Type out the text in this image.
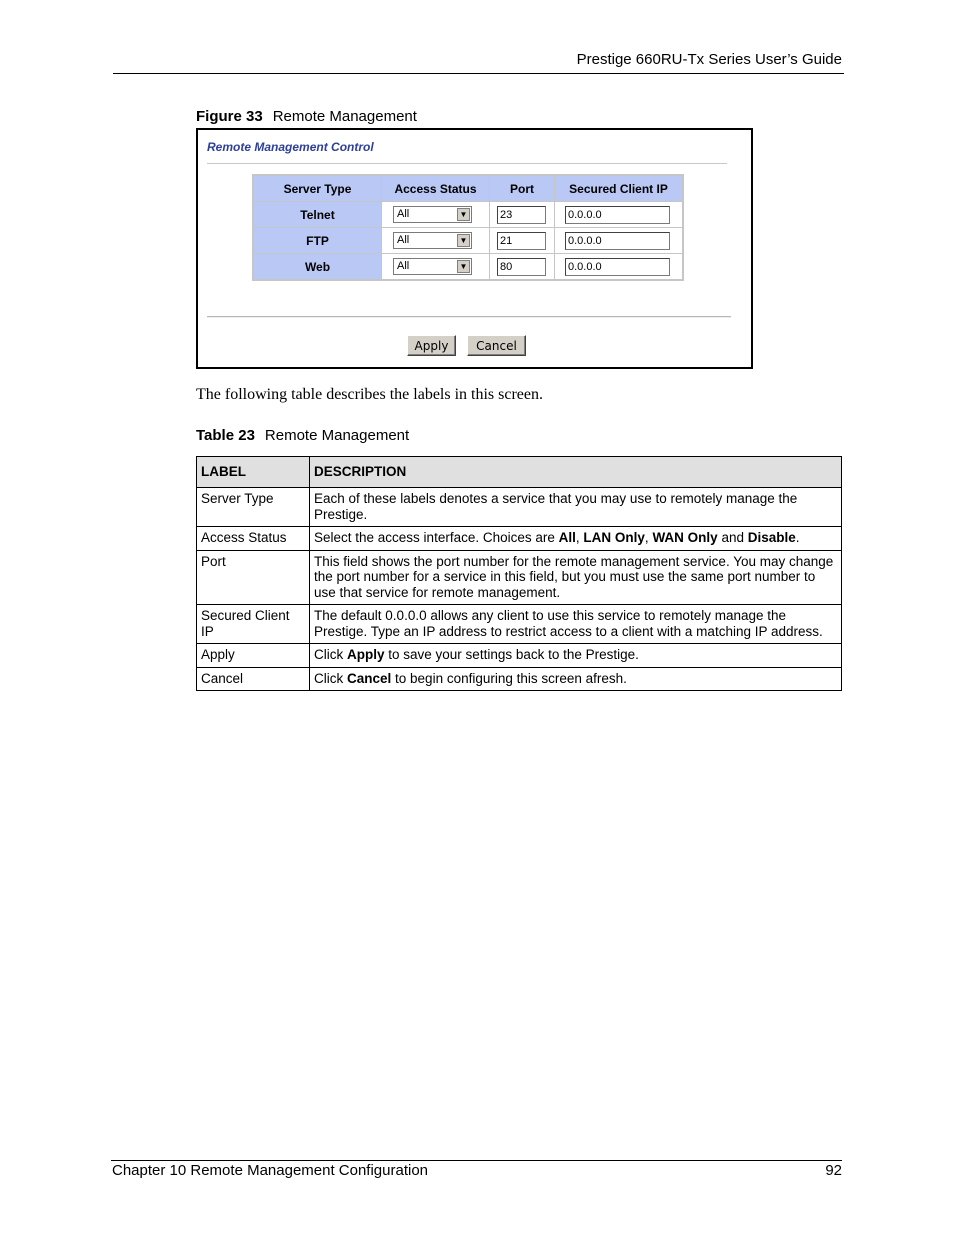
Prestige 660RU-Tx Series User’s Guide
Figure 33 Remote Management
Remote Management Control
Server Type	Access Status	Port	Secured Client IP
Telnet	All ▼	23	0.0.0.0
FTP	All ▼	21	0.0.0.0
Web	All ▼	80	0.0.0.0
Apply	Cancel
The following table describes the labels in this screen.
Table 23 Remote Management
LABEL	DESCRIPTION
Server Type	Each of these labels denotes a service that you may use to remotely manage the Prestige.
Access Status	Select the access interface. Choices are All, LAN Only, WAN Only and Disable.
Port	This field shows the port number for the remote management service. You may change the port number for a service in this field, but you must use the same port number to use that service for remote management.
Secured Client IP	The default 0.0.0.0 allows any client to use this service to remotely manage the Prestige. Type an IP address to restrict access to a client with a matching IP address.
Apply	Click Apply to save your settings back to the Prestige.
Cancel	Click Cancel to begin configuring this screen afresh.
Chapter 10 Remote Management Configuration	92
